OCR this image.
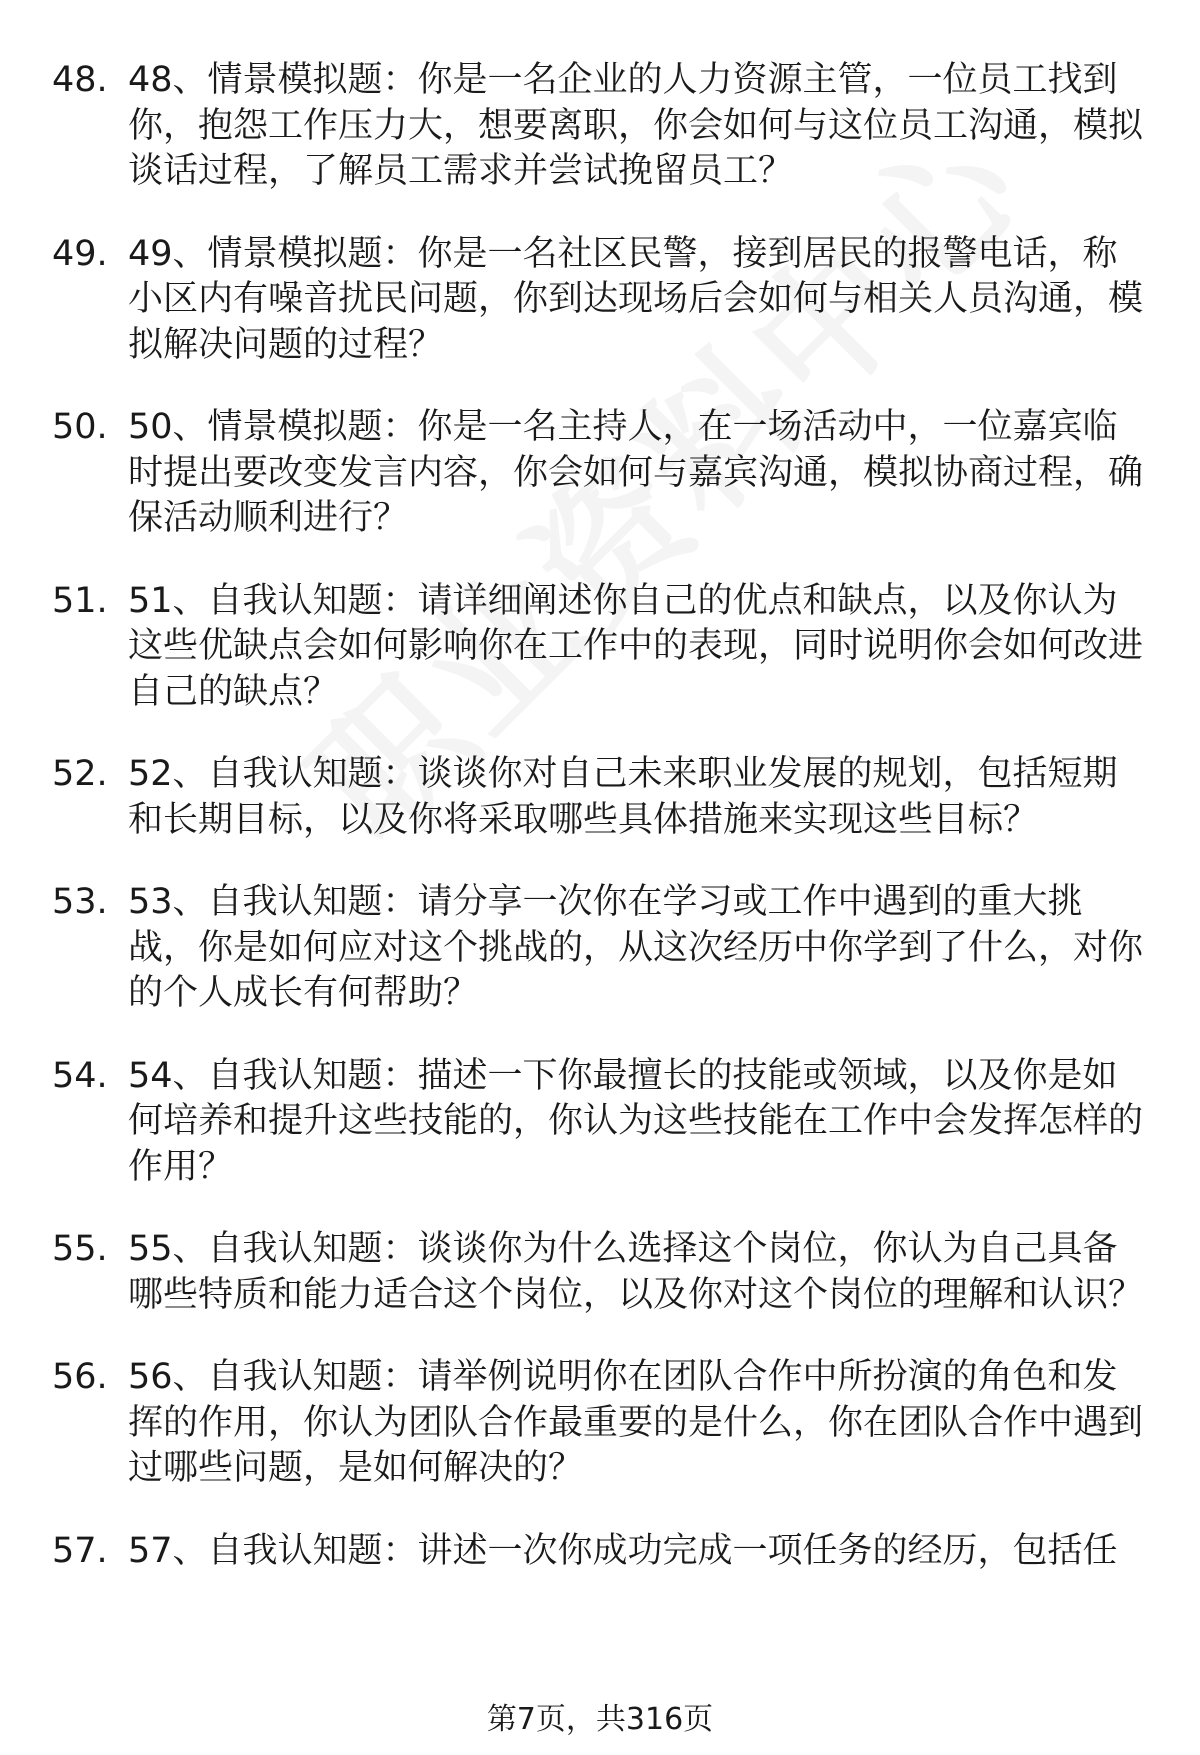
48. 48、情景模拟题：你是一名企业的人力资源主管，一位员工找到你，抱怨工作压力大，想要离职，你会如何与这位员工沟通，模拟谈话过程，了解员工需求并尝试挽留员工？
49. 49、情景模拟题：你是一名社区民警，接到居民的报警电话，称小区内有噪音扰民问题，你到达现场后会如何与相关人员沟通，模拟解决问题的过程？
50. 50、情景模拟题：你是一名主持人，在一场活动中，一位嘉宾临时提出要改变发言内容，你会如何与嘉宾沟通，模拟协商过程，确保活动顺利进行？
51. 51、自我认知题：请详细阐述你自己的优点和缺点，以及你认为这些优缺点会如何影响你在工作中的表现，同时说明你会如何改进自己的缺点？
52. 52、自我认知题：谈谈你对自己未来职业发展的规划，包括短期和长期目标，以及你将采取哪些具体措施来实现这些目标？
53. 53、自我认知题：请分享一次你在学习或工作中遇到的重大挑战，你是如何应对这个挑战的，从这次经历中你学到了什么，对你的个人成长有何帮助？
54. 54、自我认知题：描述一下你最擅长的技能或领域，以及你是如何培养和提升这些技能的，你认为这些技能在工作中会发挥怎样的作用？
55. 55、自我认知题：谈谈你为什么选择这个岗位，你认为自己具备哪些特质和能力适合这个岗位，以及你对这个岗位的理解和认识？
56. 56、自我认知题：请举例说明你在团队合作中所扮演的角色和发挥的作用，你认为团队合作最重要的是什么，你在团队合作中遇到过哪些问题，是如何解决的？
57. 57、自我认知题：讲述一次你成功完成一项任务的经历，包括任
第7页，共316页
